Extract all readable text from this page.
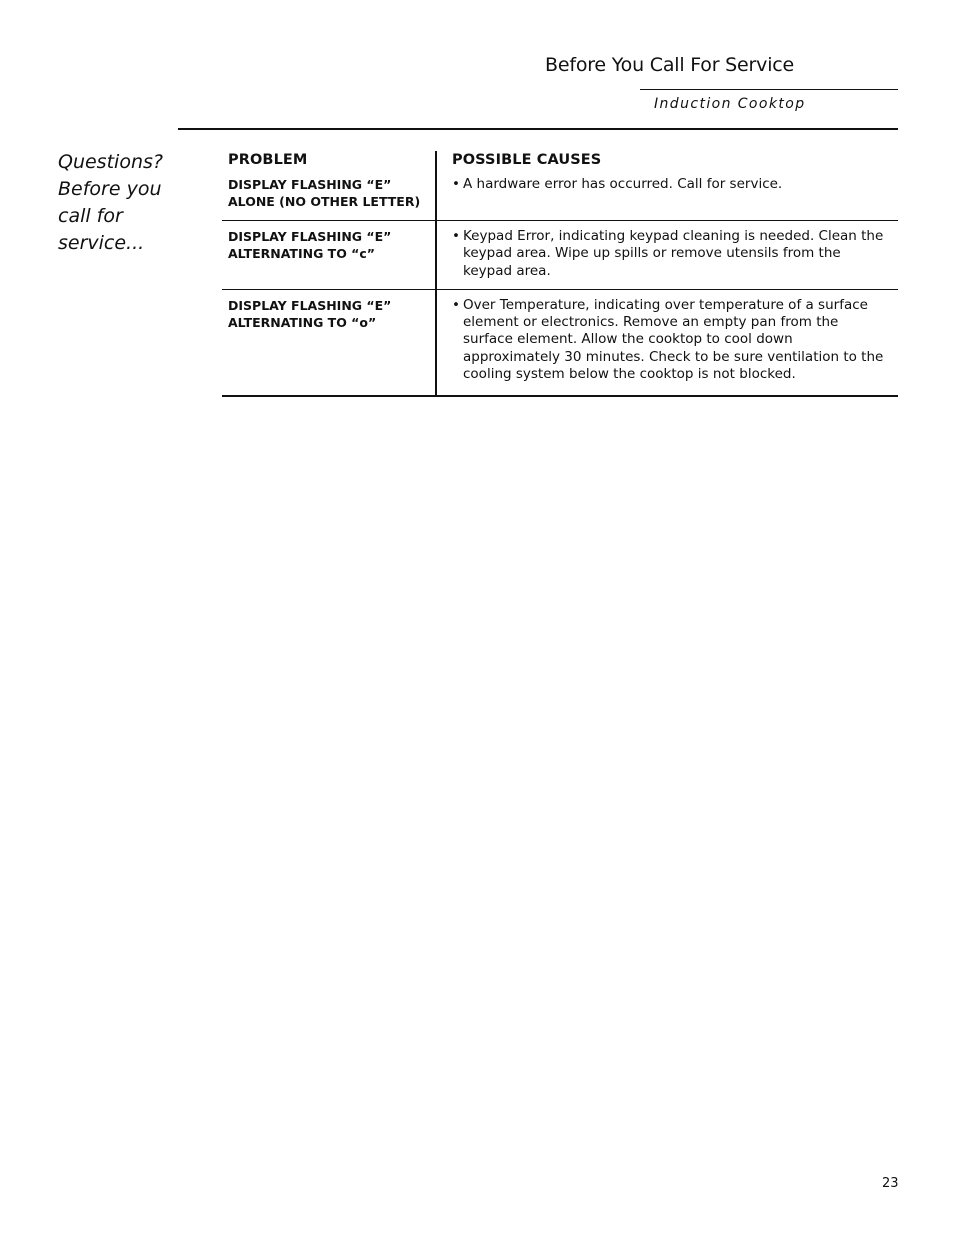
Before You Call For Service
Induction Cooktop
Questions?
Before you
call for
service...
PROBLEM
DISPLAY FLASHING “E”
ALONE (NO OTHER LETTER)
POSSIBLE CAUSES
• A hardware error has occurred. Call for service.
DISPLAY FLASHING “E”
ALTERNATING TO “c”
• Keypad Error, indicating keypad cleaning is needed. Clean the keypad area. Wipe up spills or remove utensils from the keypad area.
DISPLAY FLASHING “E”
ALTERNATING TO “o”
• Over Temperature, indicating over temperature of a surface element or electronics. Remove an empty pan from the surface element. Allow the cooktop to cool down approximately 30 minutes. Check to be sure ventilation to the cooling system below the cooktop is not blocked.
23
